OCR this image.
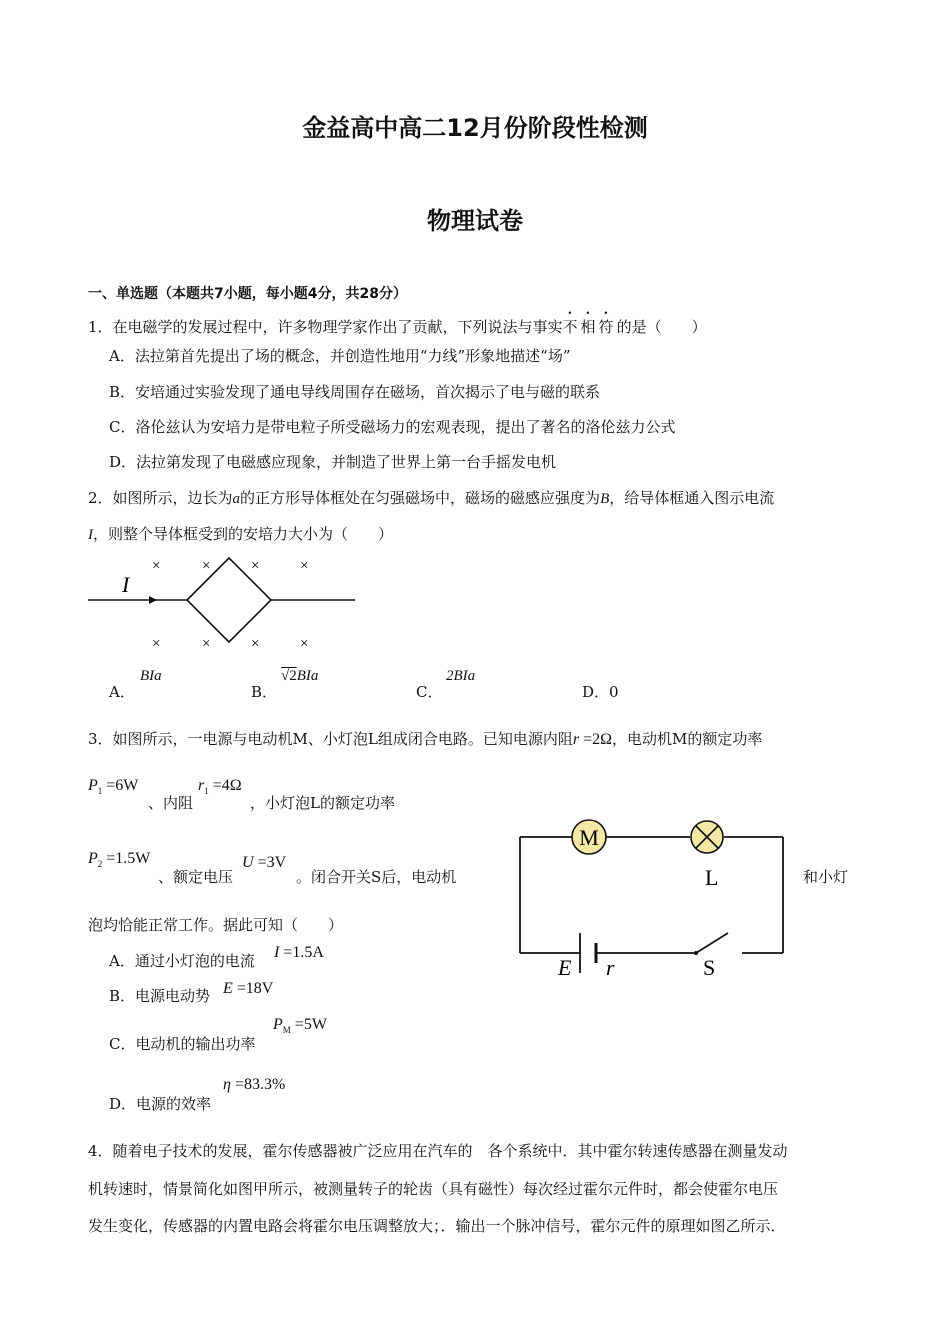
金益高中高二12月份阶段性检测
物理试卷
一、单选题（本题共7小题，每小题4分，共28分）
1．在电磁学的发展过程中，许多物理学家作出了贡献，下列说法与事实不相符的是（　　）
A．法拉第首先提出了场的概念，并创造性地用“力线”形象地描述“场”
B．安培通过实验发现了通电导线周围存在磁场，首次揭示了电与磁的联系
C．洛伦兹认为安培力是带电粒子所受磁场力的宏观表现，提出了著名的洛伦兹力公式
D．法拉第发现了电磁感应现象，并制造了世界上第一台手摇发电机
2．如图所示，边长为a的正方形导体框处在匀强磁场中，磁场的磁感应强度为B，给导体框通入图示电流
I，则整个导体框受到的安培力大小为（　　）
I
×	×	×	×
×	×	×	×
A．
BIa
B．
√2BIa
C．
2BIa
D．0
3．如图所示，一电源与电动机M、小灯泡L组成闭合电路。已知电源内阻r =2Ω，电动机M的额定功率
$P_1 =6W$
、内阻
$r_1 =4\Omega$
，小灯泡L的额定功率
$P_2 =1.5W$
、额定电压
U =3V
。闭合开关S后，电动机	和小灯
泡均恰能正常工作。据此可知（　　）
M
L
E r	S
A．通过小灯泡的电流 I =1.5A
B．电源电动势 E =18V
C．电动机的输出功率
$P_M =5W$
D．电源的效率
η =83.3%
4．随着电子技术的发展，霍尔传感器被广泛应用在汽车的　各个系统中．其中霍尔转速传感器在测量发动
机转速时，情景简化如图甲所示，被测量转子的轮齿（具有磁性）每次经过霍尔元件时，都会使霍尔电压
发生变化，传感器的内置电路会将霍尔电压调整放大；．输出一个脉冲信号，霍尔元件的原理如图乙所示．
